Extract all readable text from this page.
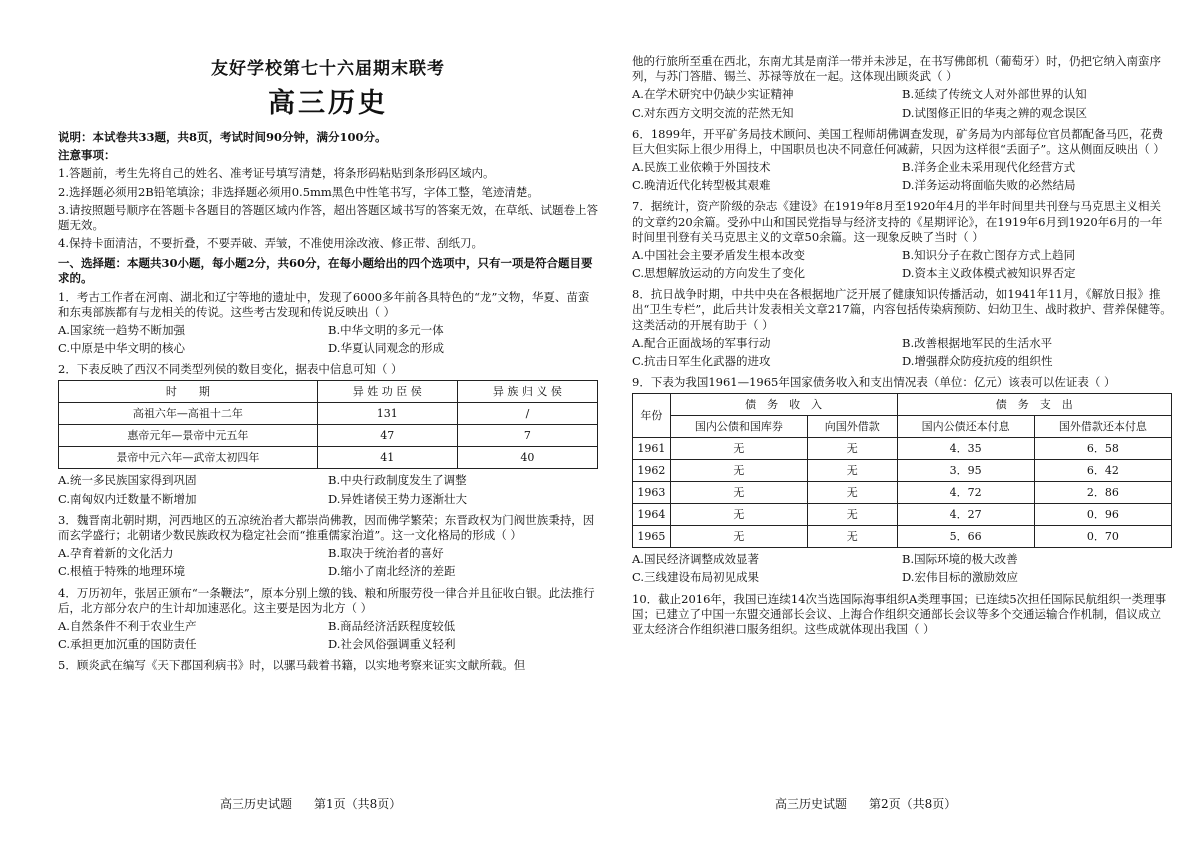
友好学校第七十六届期末联考
高三历史

说明：本试卷共33题，共8页，考试时间90分钟，满分100分。

注意事项：

1.答题前，考生先将自己的姓名、准考证号填写清楚，将条形码粘贴到条形码区域内。

2.选择题必须用2B铅笔填涂；非选择题必须用0.5mm黑色中性笔书写，字体工整，笔迹清楚。

3.请按照题号顺序在答题卡各题目的答题区域内作答，超出答题区域书写的答案无效，在草纸、试题卷上答题无效。

4.保持卡面清洁，不要折叠，不要弄破、弄皱，不准使用涂改液、修正带、刮纸刀。

一、选择题：本题共30小题，每小题2分，共60分，在每小题给出的四个选项中，只有一项是符合题目要求的。

1．考古工作者在河南、湖北和辽宁等地的遗址中，发现了6000多年前各具特色的“龙”文物，华夏、苗蛮和东夷部族都有与龙相关的传说。这些考古发现和传说反映出（ ）

A.国家统一趋势不断加强	B.中华文明的多元一体
C.中原是中华文明的核心	D.华夏认同观念的形成

2．下表反映了西汉不同类型列侯的数目变化，据表中信息可知（ ）

时　　期	异 姓 功 臣 侯	异 族 归 义 侯
高祖六年—高祖十二年	131	/
惠帝元年—景帝中元五年	47	7
景帝中元六年—武帝太初四年	41	40
A.统一多民族国家得到巩固	B.中央行政制度发生了调整
C.南匈奴内迁数量不断增加	D.异姓诸侯王势力逐渐壮大

3．魏晋南北朝时期，河西地区的五凉统治者大都崇尚佛教，因而佛学繁荣；东晋政权为门阀世族秉持，因而玄学盛行；北朝诸少数民族政权为稳定社会而“推重儒家治道”。这一文化格局的形成（ ）

A.孕育着新的文化活力	B.取决于统治者的喜好
C.根植于特殊的地理环境	D.缩小了南北经济的差距

4．万历初年，张居正颁布“一条鞭法”，原本分别上缴的钱、粮和所服劳役一律合并且征收白银。此法推行后，北方部分农户的生计却加速恶化。这主要是因为北方（ ）

A.自然条件不利于农业生产	B.商品经济活跃程度较低
C.承担更加沉重的国防责任	D.社会风俗强调重义轻利

5．顾炎武在编写《天下郡国利病书》时，以骡马载着书籍，以实地考察来证实文献所载。但

高三历史试题 第1页（共8页）

他的行旅所至重在西北，东南尤其是南洋一带并未涉足，在书写佛郎机（葡萄牙）时，仍把它纳入南蛮序列，与苏门答腊、锡兰、苏禄等放在一起。这体现出顾炎武（ ）

A.在学术研究中仍缺少实证精神	B.延续了传统文人对外部世界的认知
C.对东西方文明交流的茫然无知	D.试图修正旧的华夷之辨的观念误区

6．1899年，开平矿务局技术顾问、美国工程师胡佛调查发现，矿务局为内部每位官员都配备马匹，花费巨大但实际上很少用得上，中国职员也决不同意任何减薪，只因为这样很“丢面子”。这从侧面反映出（ ）

A.民族工业依赖于外国技术	B.洋务企业未采用现代化经营方式
C.晚清近代化转型极其艰难	D.洋务运动将面临失败的必然结局

7．据统计，资产阶级的杂志《建设》在1919年8月至1920年4月的半年时间里共刊登与马克思主义相关的文章约20余篇。受孙中山和国民党指导与经济支持的《星期评论》，在1919年6月到1920年6月的一年时间里刊登有关马克思主义的文章50余篇。这一现象反映了当时（ ）

A.中国社会主要矛盾发生根本改变	B.知识分子在救亡图存方式上趋同
C.思想解放运动的方向发生了变化	D.资本主义政体模式被知识界否定

8．抗日战争时期，中共中央在各根据地广泛开展了健康知识传播活动，如1941年11月，《解放日报》推出“卫生专栏”，此后共计发表相关文章217篇，内容包括传染病预防、妇幼卫生、战时救护、营养保健等。这类活动的开展有助于（ ）

A.配合正面战场的军事行动	B.改善根据地军民的生活水平
C.抗击日军生化武器的进攻	D.增强群众防疫抗疫的组织性

9．下表为我国1961—1965年国家债务收入和支出情况表（单位：亿元）该表可以佐证表（ ）

年份	债　务　收　入		债　务　支　出	
	国内公债和国库券	向国外借款	国内公债还本付息	国外借款还本付息
1961	无	无	4．35	6．58
1962	无	无	3．95	6．42
1963	无	无	4．72	2．86
1964	无	无	4．27	0．96
1965	无	无	5．66	0．70
A.国民经济调整成效显著	B.国际环境的极大改善
C.三线建设布局初见成果	D.宏伟目标的激励效应

10．截止2016年，我国已连续14次当选国际海事组织A类理事国；已连续5次担任国际民航组织一类理事国；已建立了中国一东盟交通部长会议、上海合作组织交通部长会议等多个交通运输合作机制，倡议成立亚太经济合作组织港口服务组织。这些成就体现出我国（ ）

高三历史试题 第2页（共8页）
